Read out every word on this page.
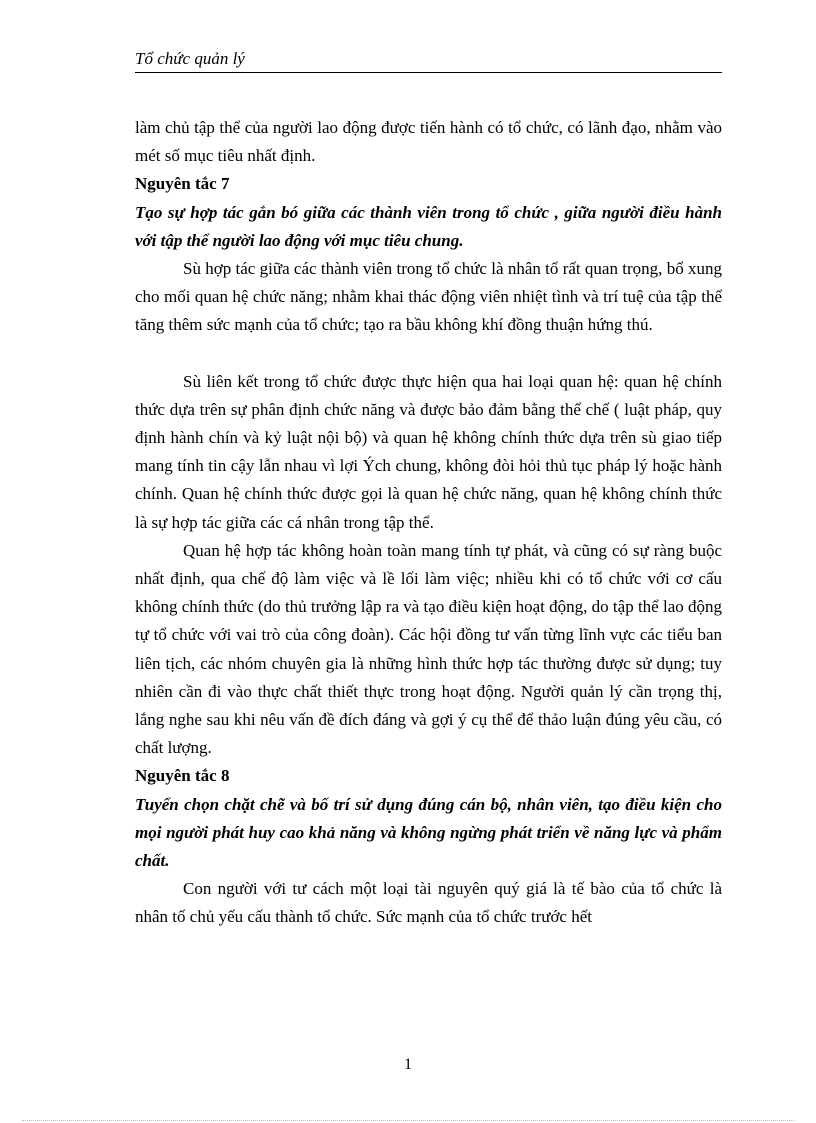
Tổ chức quản lý

làm chủ tập thể của người lao động được tiến hành có tổ chức, có lãnh đạo, nhằm vào mét số mục tiêu nhất định.

Nguyên tắc 7

Tạo sự hợp tác gắn bó giữa các thành viên trong tổ chức , giữa người điều hành với tập thể người lao động với mục tiêu chung.

Sù hợp tác giữa các thành viên trong tổ chức là nhân tố rất quan trọng, bổ xung cho mối quan hệ chức năng; nhằm khai thác động viên nhiệt tình và trí tuệ của tập thể tăng thêm sức mạnh của tổ chức; tạo ra bầu không khí đồng thuận hứng thú.

Sù liên kết trong tổ chức được thực hiện qua hai loại quan hệ: quan hệ chính thức dựa trên sự phân định chức năng và được bảo đảm bằng thể chế ( luật pháp, quy định hành chín và kỷ luật nội bộ) và quan hệ không chính thức dựa trên sù giao tiếp mang tính tin cậy lẫn nhau vì lợi Ých chung, không đòi hỏi thủ tục pháp lý hoặc hành chính. Quan hệ chính thức được gọi là quan hệ chức năng, quan hệ không chính thức là sự hợp tác giữa các cá nhân trong tập thể.

Quan hệ hợp tác không hoàn toàn mang tính tự phát, và cũng có sự ràng buộc nhất định, qua chế độ làm việc và lề lối làm việc; nhiều khi có tổ chức với cơ cấu không chính thức (do thủ trưởng lập ra và tạo điều kiện hoạt động, do tập thể lao động tự tổ chức với vai trò của công đoàn). Các hội đồng tư vấn từng lĩnh vực các tiểu ban liên tịch, các nhóm chuyên gia là những hình thức hợp tác thường được sử dụng; tuy nhiên cần đi vào thực chất thiết thực trong hoạt động. Người quản lý cần trọng thị, lắng nghe sau khi nêu vấn đề đích đáng và gợi ý cụ thể để thảo luận đúng yêu cầu, có chất lượng.

Nguyên tắc 8

Tuyển chọn chặt chẽ và bố trí sử dụng đúng cán bộ, nhân viên, tạo điều kiện cho mọi người phát huy cao khả năng và không ngừng phát triển về năng lực và phẩm chất.

Con người với tư cách một loại tài nguyên quý giá là tế bào của tổ chức là nhân tố chủ yếu cấu thành tổ chức. Sức mạnh của tổ chức trước hết

1
